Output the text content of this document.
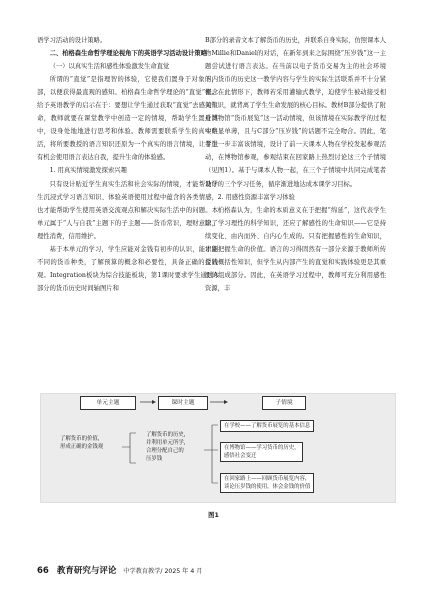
语学习活动的设计策略。

二、柏格森生命哲学理论视角下的英语学习活动设计策略

（一）以真实生活和感性体验激发生命直觉

所谓的“直觉”是指理智的体验，它使我们置身于对象的内部，以便获得最直观的感知。柏格森生命哲学理论的“直觉”概念给予英语教学的启示在于：要想让学生通过获取“直觉”去感知生命，教师就要在课堂教学中创造一定的情境，帮助学生置身其中，设身处地地进行思考和体验。教师需要联系学生的真实生活，将所要教授的语言知识还原为一个真实的语言情境，让学生有机会使用语言表达自我，提升生命的体验感。

1. 用真实情境激发探索兴趣

只有设计贴近学生真实生活和社会实际的情境，才能帮助学生沉浸式学习语言知识、体验英语使用过程中蕴含的各类情感，也才能帮助学生使用英语交流观点和解决实际生活中的问题。本单元属于“人与自我”主题下的子主题——货币常识，理财意识，理性消费，信用维护。

基于本单元的学习，学生应能对金钱有初步的认识，能识别不同的货币种类，了解预算的概念和必要性，具备正确的金钱观。Integration板块为综合技能板块，第1课时要求学生通过A部分的货币历史时间轴图片和

B部分的录音文本了解货币的历史，并联系自身实际，仿照课本人物Millie和Daniel的对话，在新年到来之际围绕“压岁钱”这一主题尝试进行语言表达。在当前以电子货币交易为主的社会环境下，货币的历史这一教学内容与学生的实际生活联系并不十分紧密。在此情形下，教师若采用灌输式教学，迫使学生被动接受相关知识，就背离了学生生命发展的核心目标。教材B部分提供了附近博物馆“货币展览”这一活动情境，但该情境在实际教学的过程中略显单薄，且与C部分“压岁钱”的话题不完全吻合。因此，笔者进一步丰富该情境，设计了前一天课本人物在学校发起参观活动，在博物馆参观，参观结束在回家路上热烈讨论这三个子情境（见图1）。基于与课本人物一起，在三个子情境中共同完成笔者设计的三个学习任务，循序渐进地达成本课学习目标。

2. 用感性资源丰富学习体验

柏格森认为，生命的本质意义在于把握“绵延”，这代表学生除了学习理性的科学知识，还应了解感性的生命知识——它是持续变化、由内而外、自内心生成的。只有把握感性的生命知识，才能把握生命的价值。语言的习得固然有一部分来源于教师所传授的概括性知识，但学生从内部产生的直觉和实践体验更是其重要的组成部分。因此，在英语学习过程中，教师可充分利用感性资源，丰

单元主题	课时主题	子情境
了解货币的价值，
形成正确的金钱观
了解货币的历史，
并利用单元所学，
合理分配自己的
压岁钱

在学校——了解货币展览的基本信息

在博物馆——学习货币的历史，

感悟社会变迁

在回家路上——回顾货币展览内容，

谈论压岁钱的使用，体会金钱的价值

图1
66 教育研究与评论 中学教育教学/ 2025 年 4 月
